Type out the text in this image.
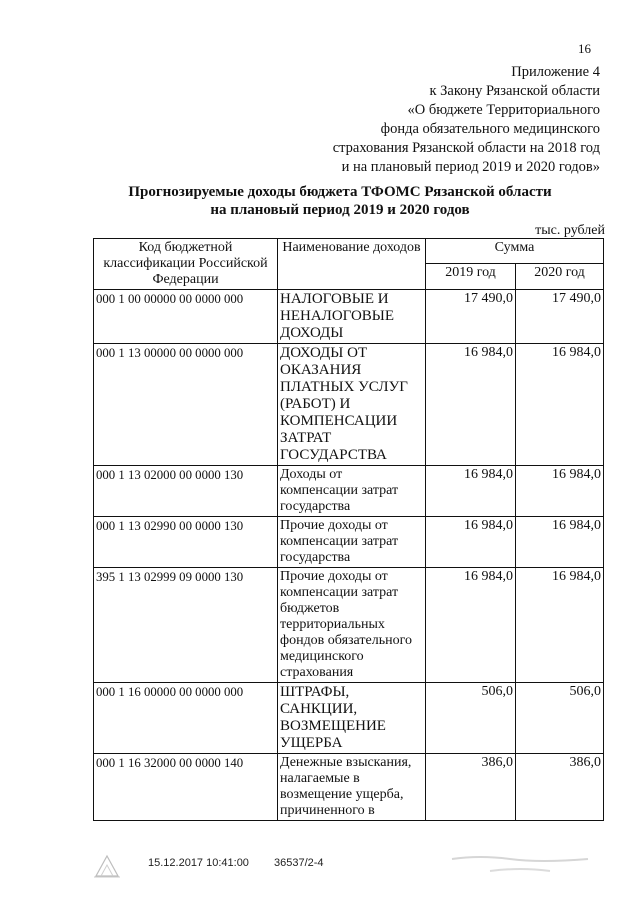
16
Приложение 4
к Закону Рязанской области
«О бюджете Территориального
фонда обязательного медицинского
страхования Рязанской области на 2018 год
и на плановый период 2019 и 2020 годов»
Прогнозируемые доходы бюджета ТФОМС Рязанской области
на плановый период 2019 и 2020 годов
тыс. рублей
Код бюджетной классификации Российской Федерации	Наименование доходов	Сумма	
		2019 год	2020 год
000 1 00 00000 00 0000 000	НАЛОГОВЫЕ И НЕНАЛОГОВЫЕ ДОХОДЫ	17 490,0	17 490,0
000 1 13 00000 00 0000 000	ДОХОДЫ ОТ ОКАЗАНИЯ ПЛАТНЫХ УСЛУГ (РАБОТ) И КОМПЕНСАЦИИ ЗАТРАТ ГОСУДАРСТВА	16 984,0	16 984,0
000 1 13 02000 00 0000 130	Доходы от компенсации затрат государства	16 984,0	16 984,0
000 1 13 02990 00 0000 130	Прочие доходы от компенсации затрат государства	16 984,0	16 984,0
395 1 13 02999 09 0000 130	Прочие доходы от компенсации затрат бюджетов территориальных фондов обязательного медицинского страхования	16 984,0	16 984,0
000 1 16 00000 00 0000 000	ШТРАФЫ, САНКЦИИ, ВОЗМЕЩЕНИЕ УЩЕРБА	506,0	506,0
000 1 16 32000 00 0000 140	Денежные взыскания, налагаемые в возмещение ущерба, причиненного в	386,0	386,0
15.12.2017 10:41:00 36537/2-4
